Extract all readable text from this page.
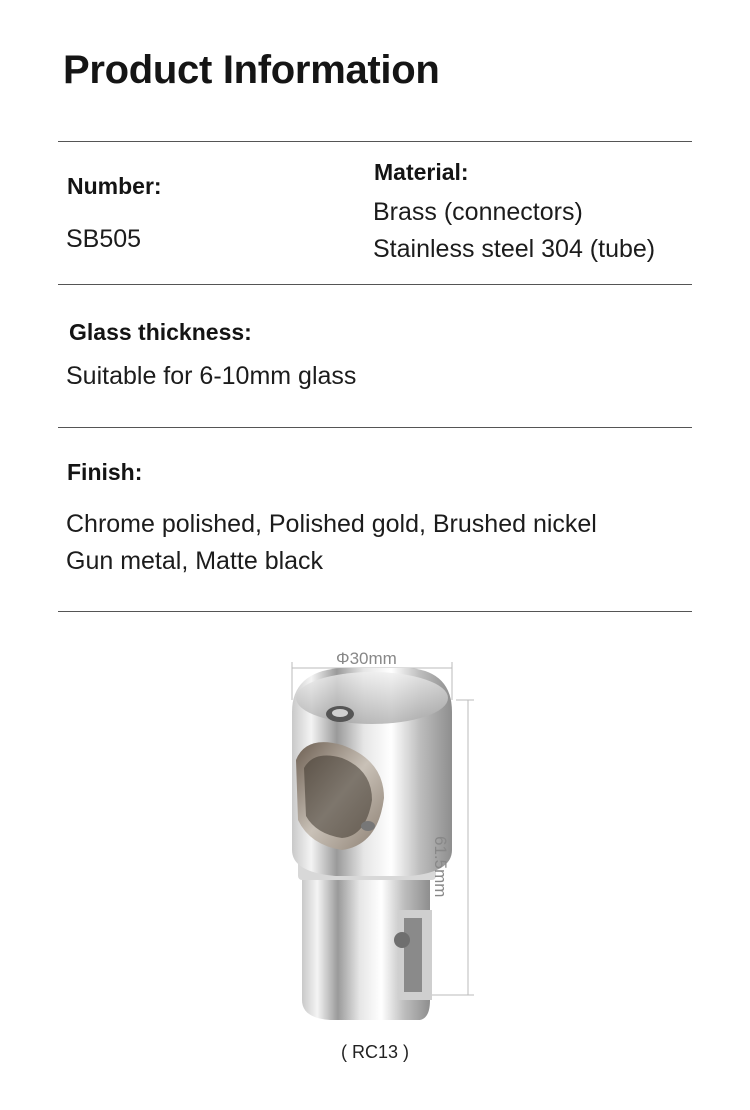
Product Information
Number:
SB505
Material:
Brass (connectors)
Stainless steel 304 (tube)
Glass thickness:
Suitable for 6-10mm glass
Finish:
Chrome polished, Polished gold, Brushed nickel
Gun metal, Matte black
Φ30mm
61.5mm
( RC13 )
